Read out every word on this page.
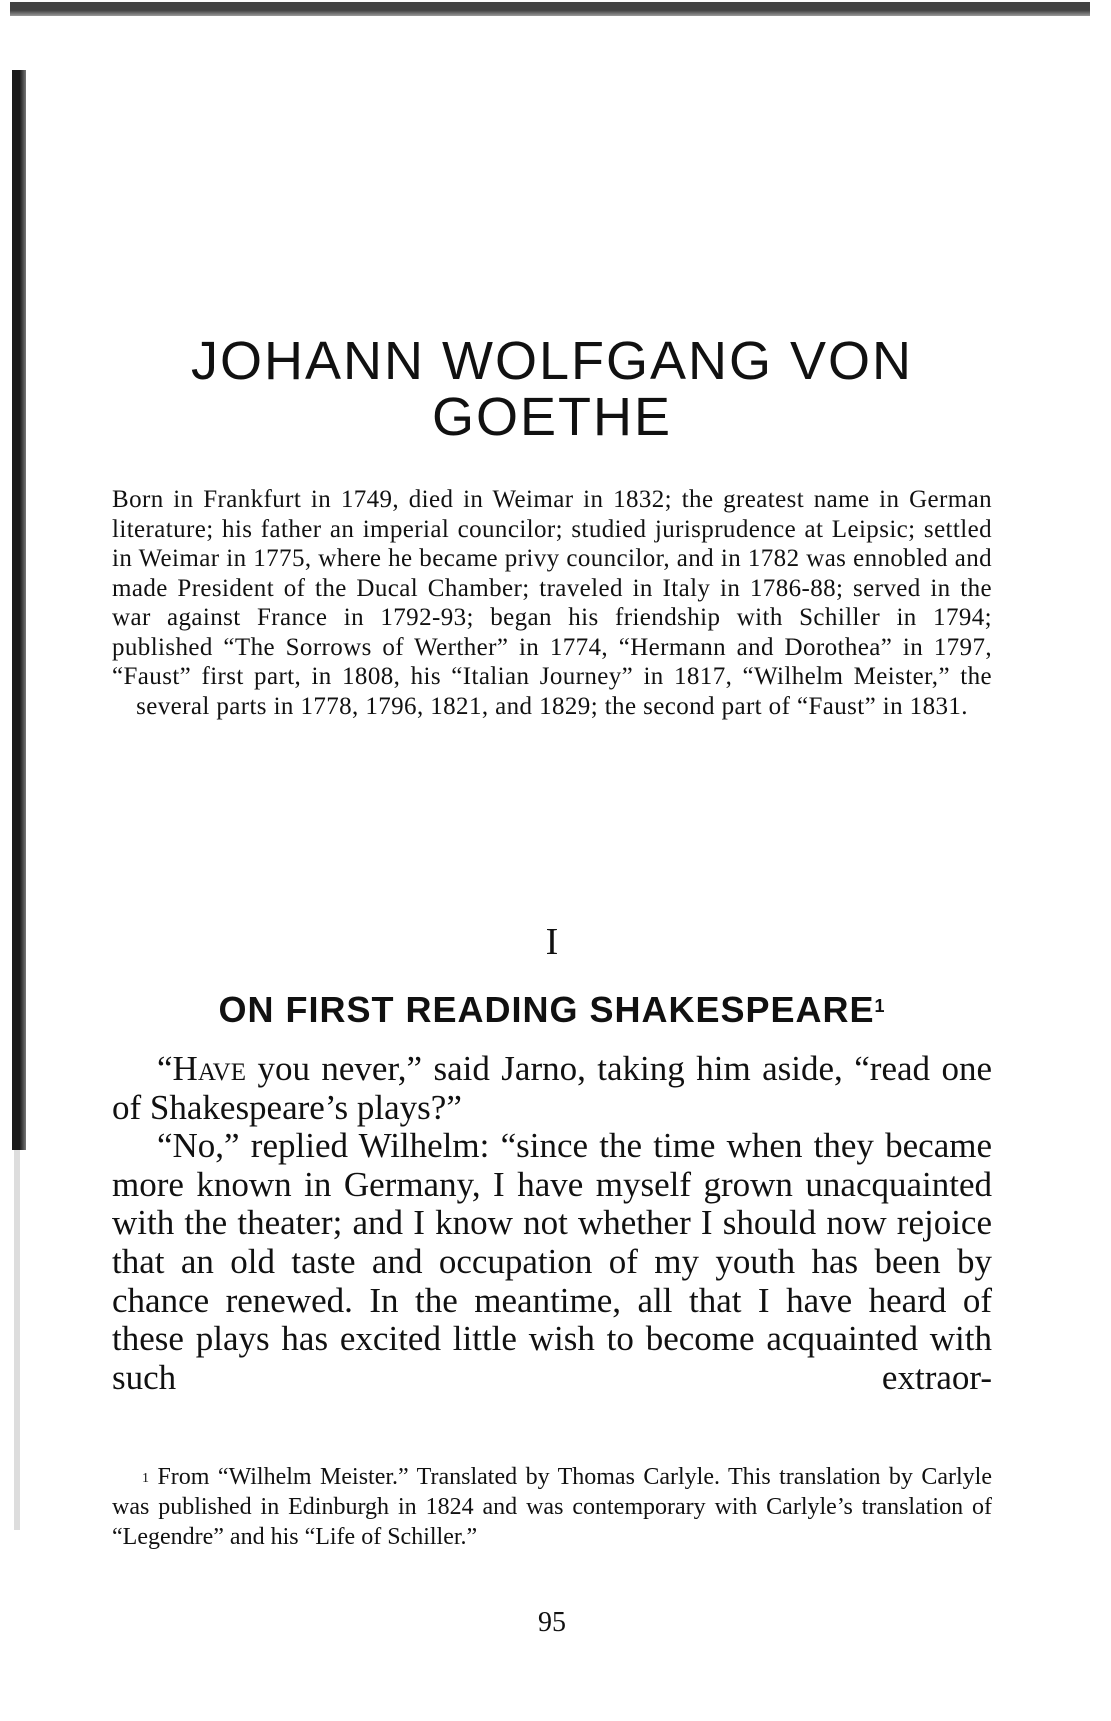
JOHANN WOLFGANG VON GOETHE

Born in Frankfurt in 1749, died in Weimar in 1832; the greatest name in German literature; his father an imperial councilor; studied jurisprudence at Leipsic; settled in Weimar in 1775, where he became privy councilor, and in 1782 was ennobled and made President of the Ducal Chamber; traveled in Italy in 1786-88; served in the war against France in 1792-93; began his friendship with Schiller in 1794; published “The Sorrows of Werther” in 1774, “Hermann and Dorothea” in 1797, “Faust” first part, in 1808, his “Italian Journey” in 1817, “Wilhelm Meister,” the several parts in 1778, 1796, 1821, and 1829; the second part of “Faust” in 1831.

I
ON FIRST READING SHAKESPEARE$^1$

“Have you never,” said Jarno, taking him aside, “read one of Shakespeare’s plays?”

“No,” replied Wilhelm: “since the time when they became more known in Germany, I have myself grown unacquainted with the theater; and I know not whether I should now rejoice that an old taste and occupation of my youth has been by chance renewed. In the meantime, all that I have heard of these plays has excited little wish to become acquainted with such extraor-

$^1$ From “Wilhelm Meister.” Translated by Thomas Carlyle. This translation by Carlyle was published in Edinburgh in 1824 and was contemporary with Carlyle’s translation of “Legendre” and his “Life of Schiller.”

95
